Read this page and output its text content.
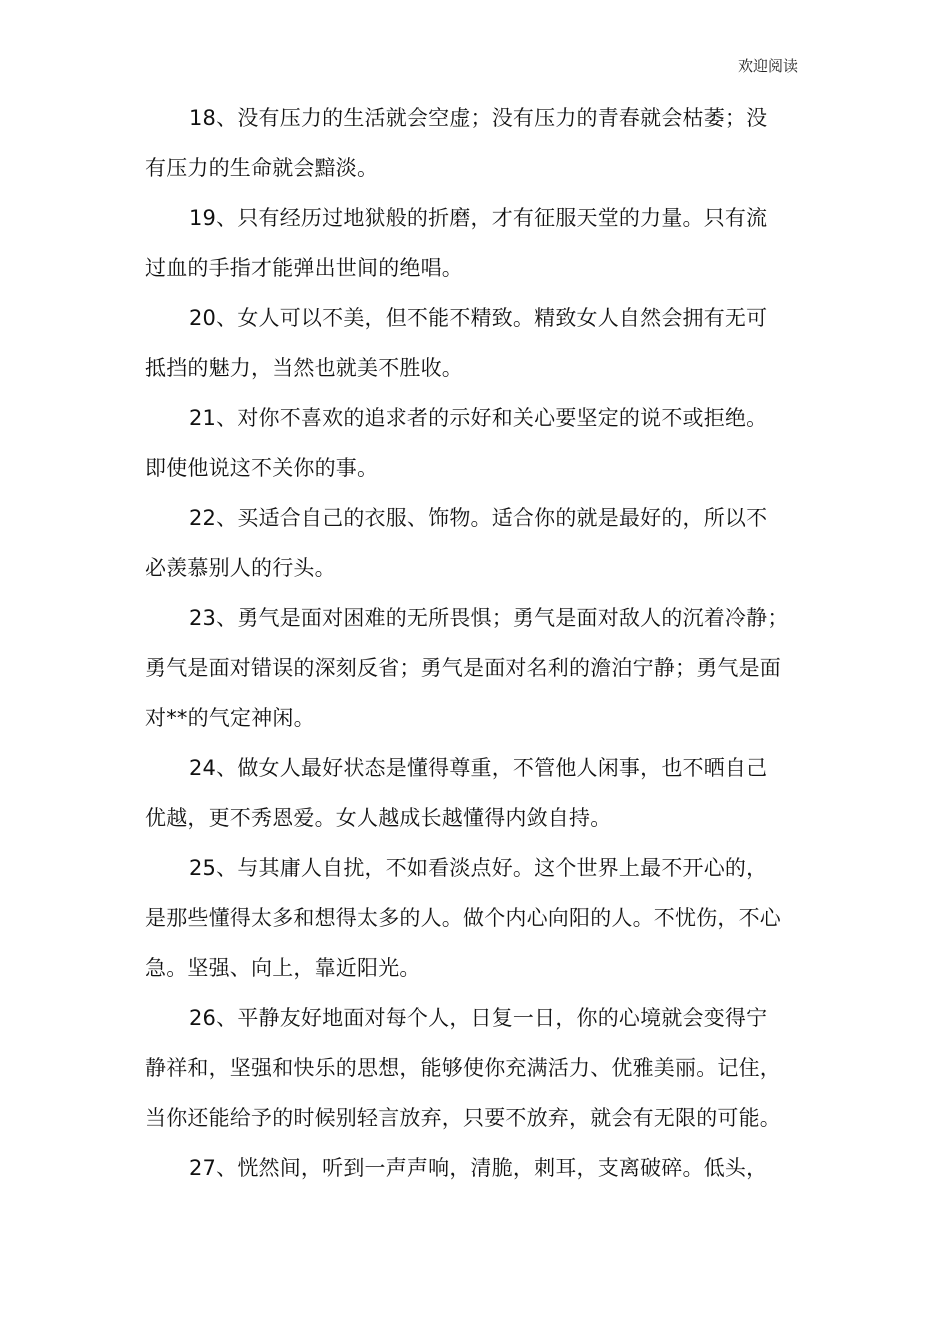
欢迎阅读

18、没有压力的生活就会空虚；没有压力的青春就会枯萎；没
有压力的生命就会黯淡。

19、只有经历过地狱般的折磨，才有征服天堂的力量。只有流
过血的手指才能弹出世间的绝唱。

20、女人可以不美，但不能不精致。精致女人自然会拥有无可
抵挡的魅力，当然也就美不胜收。

21、对你不喜欢的追求者的示好和关心要坚定的说不或拒绝。
即使他说这不关你的事。

22、买适合自己的衣服、饰物。适合你的就是最好的，所以不
必羡慕别人的行头。

23、勇气是面对困难的无所畏惧；勇气是面对敌人的沉着冷静；
勇气是面对错误的深刻反省；勇气是面对名利的澹泊宁静；勇气是面
对**的气定神闲。

24、做女人最好状态是懂得尊重，不管他人闲事，也不晒自己
优越，更不秀恩爱。女人越成长越懂得内敛自持。

25、与其庸人自扰，不如看淡点好。这个世界上最不开心的，
是那些懂得太多和想得太多的人。做个内心向阳的人。不忧伤，不心
急。坚强、向上，靠近阳光。

26、平静友好地面对每个人，日复一日，你的心境就会变得宁
静祥和，坚强和快乐的思想，能够使你充满活力、优雅美丽。记住，
当你还能给予的时候别轻言放弃，只要不放弃，就会有无限的可能。

27、恍然间，听到一声声响，清脆，刺耳，支离破碎。低头，
